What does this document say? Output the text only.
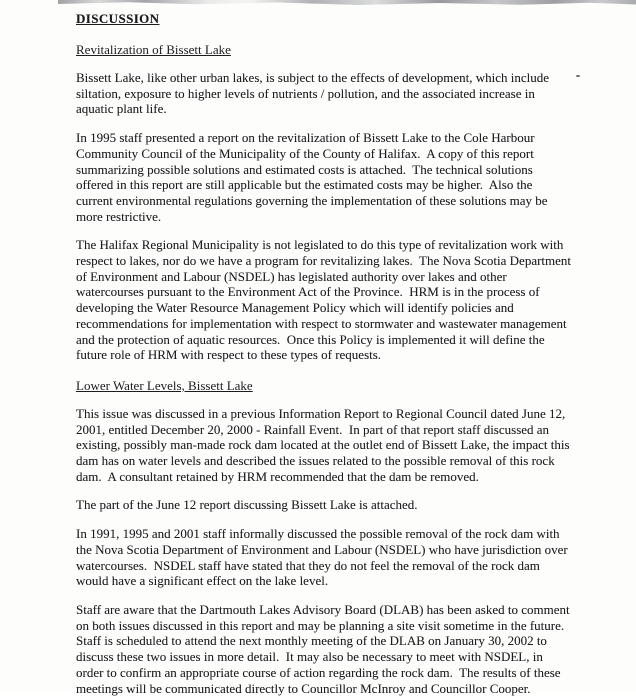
DISCUSSION
Revitalization of Bissett Lake

Bissett Lake, like other urban lakes, is subject to the effects of development, which include siltation, exposure to higher levels of nutrients / pollution, and the associated increase in aquatic plant life.

In 1995 staff presented a report on the revitalization of Bissett Lake to the Cole Harbour Community Council of the Municipality of the County of Halifax.  A copy of this report summarizing possible solutions and estimated costs is attached.  The technical solutions offered in this report are still applicable but the estimated costs may be higher.  Also the current environmental regulations governing the implementation of these solutions may be more restrictive.

The Halifax Regional Municipality is not legislated to do this type of revitalization work with respect to lakes, nor do we have a program for revitalizing lakes.  The Nova Scotia Department of Environment and Labour (NSDEL) has legislated authority over lakes and other watercourses pursuant to the Environment Act of the Province.  HRM is in the process of developing the Water Resource Management Policy which will identify policies and recommendations for implementation with respect to stormwater and wastewater management and the protection of aquatic resources.  Once this Policy is implemented it will define the future role of HRM with respect to these types of requests.

Lower Water Levels, Bissett Lake

This issue was discussed in a previous Information Report to Regional Council dated June 12, 2001, entitled December 20, 2000 - Rainfall Event.  In part of that report staff discussed an existing, possibly man-made rock dam located at the outlet end of Bissett Lake, the impact this dam has on water levels and described the issues related to the possible removal of this rock dam.  A consultant retained by HRM recommended that the dam be removed.

The part of the June 12 report discussing Bissett Lake is attached.

In 1991, 1995 and 2001 staff informally discussed the possible removal of the rock dam with the Nova Scotia Department of Environment and Labour (NSDEL) who have jurisdiction over watercourses.  NSDEL staff have stated that they do not feel the removal of the rock dam would have a significant effect on the lake level.

Staff are aware that the Dartmouth Lakes Advisory Board (DLAB) has been asked to comment on both issues discussed in this report and may be planning a site visit sometime in the future.  Staff is scheduled to attend the next monthly meeting of the DLAB on January 30, 2002 to discuss these two issues in more detail.  It may also be necessary to meet with NSDEL, in order to confirm an appropriate course of action regarding the rock dam.  The results of these meetings will be communicated directly to Councillor McInroy and Councillor Cooper.
